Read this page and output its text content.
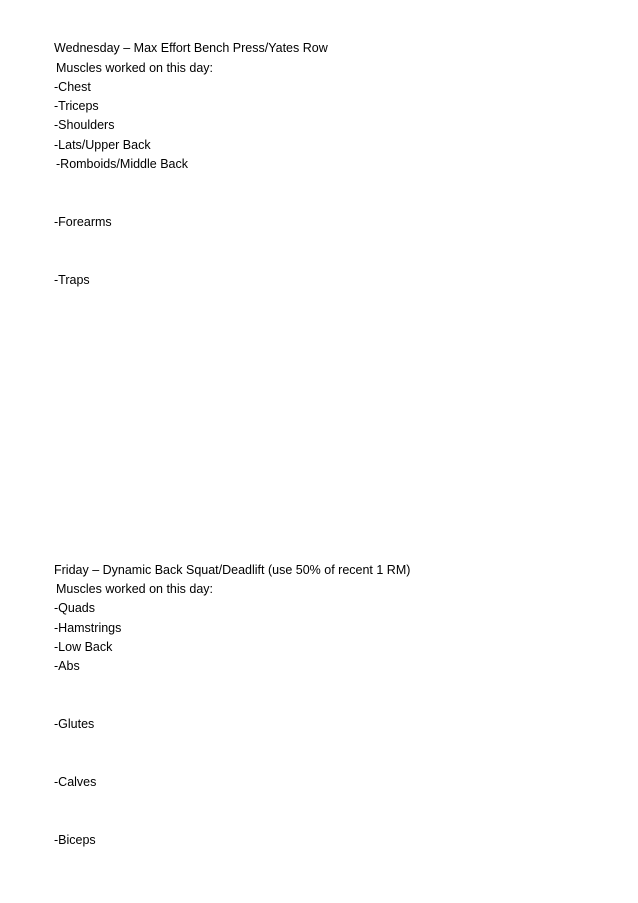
Wednesday – Max Effort Bench Press/Yates Row
Muscles worked on this day:
-Chest
-Triceps
-Shoulders
-Lats/Upper Back
-Romboids/Middle Back
-Forearms
-Traps
Friday – Dynamic Back Squat/Deadlift (use 50% of recent 1 RM)
Muscles worked on this day:
-Quads
-Hamstrings
-Low Back
-Abs
-Glutes
-Calves
-Biceps
